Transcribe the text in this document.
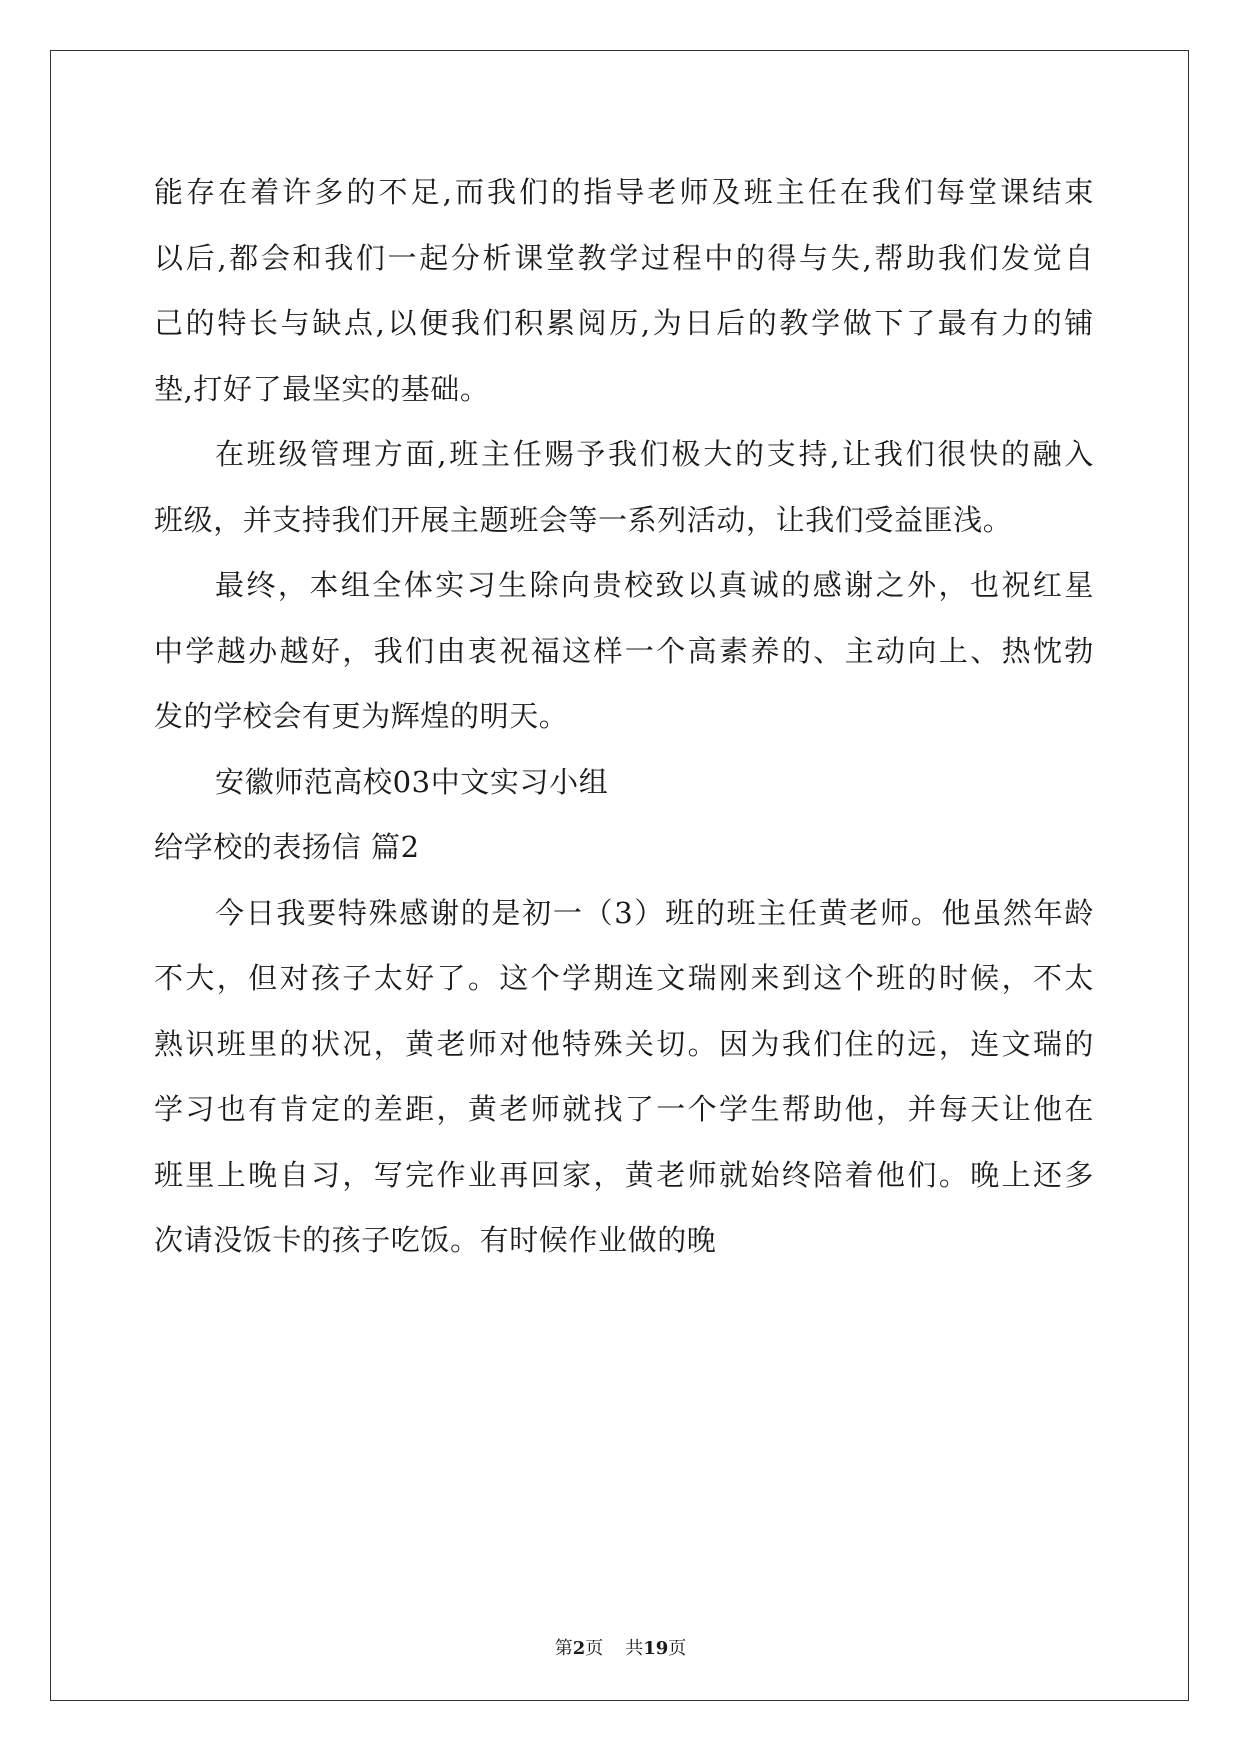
能存在着许多的不足,而我们的指导老师及班主任在我们每堂课结束
以后,都会和我们一起分析课堂教学过程中的得与失,帮助我们发觉自
己的特长与缺点,以便我们积累阅历,为日后的教学做下了最有力的铺
垫,打好了最坚实的基础。
在班级管理方面,班主任赐予我们极大的支持,让我们很快的融入
班级，并支持我们开展主题班会等一系列活动，让我们受益匪浅。
最终，本组全体实习生除向贵校致以真诚的感谢之外，也祝红星
中学越办越好，我们由衷祝福这样一个高素养的、主动向上、热忱勃
发的学校会有更为辉煌的明天。
安徽师范高校03中文实习小组
给学校的表扬信 篇2
今日我要特殊感谢的是初一（3）班的班主任黄老师。他虽然年龄
不大，但对孩子太好了。这个学期连文瑞刚来到这个班的时候，不太
熟识班里的状况，黄老师对他特殊关切。因为我们住的远，连文瑞的
学习也有肯定的差距，黄老师就找了一个学生帮助他，并每天让他在
班里上晚自习，写完作业再回家，黄老师就始终陪着他们。晚上还多
次请没饭卡的孩子吃饭。有时候作业做的晚
第2页 共19页
